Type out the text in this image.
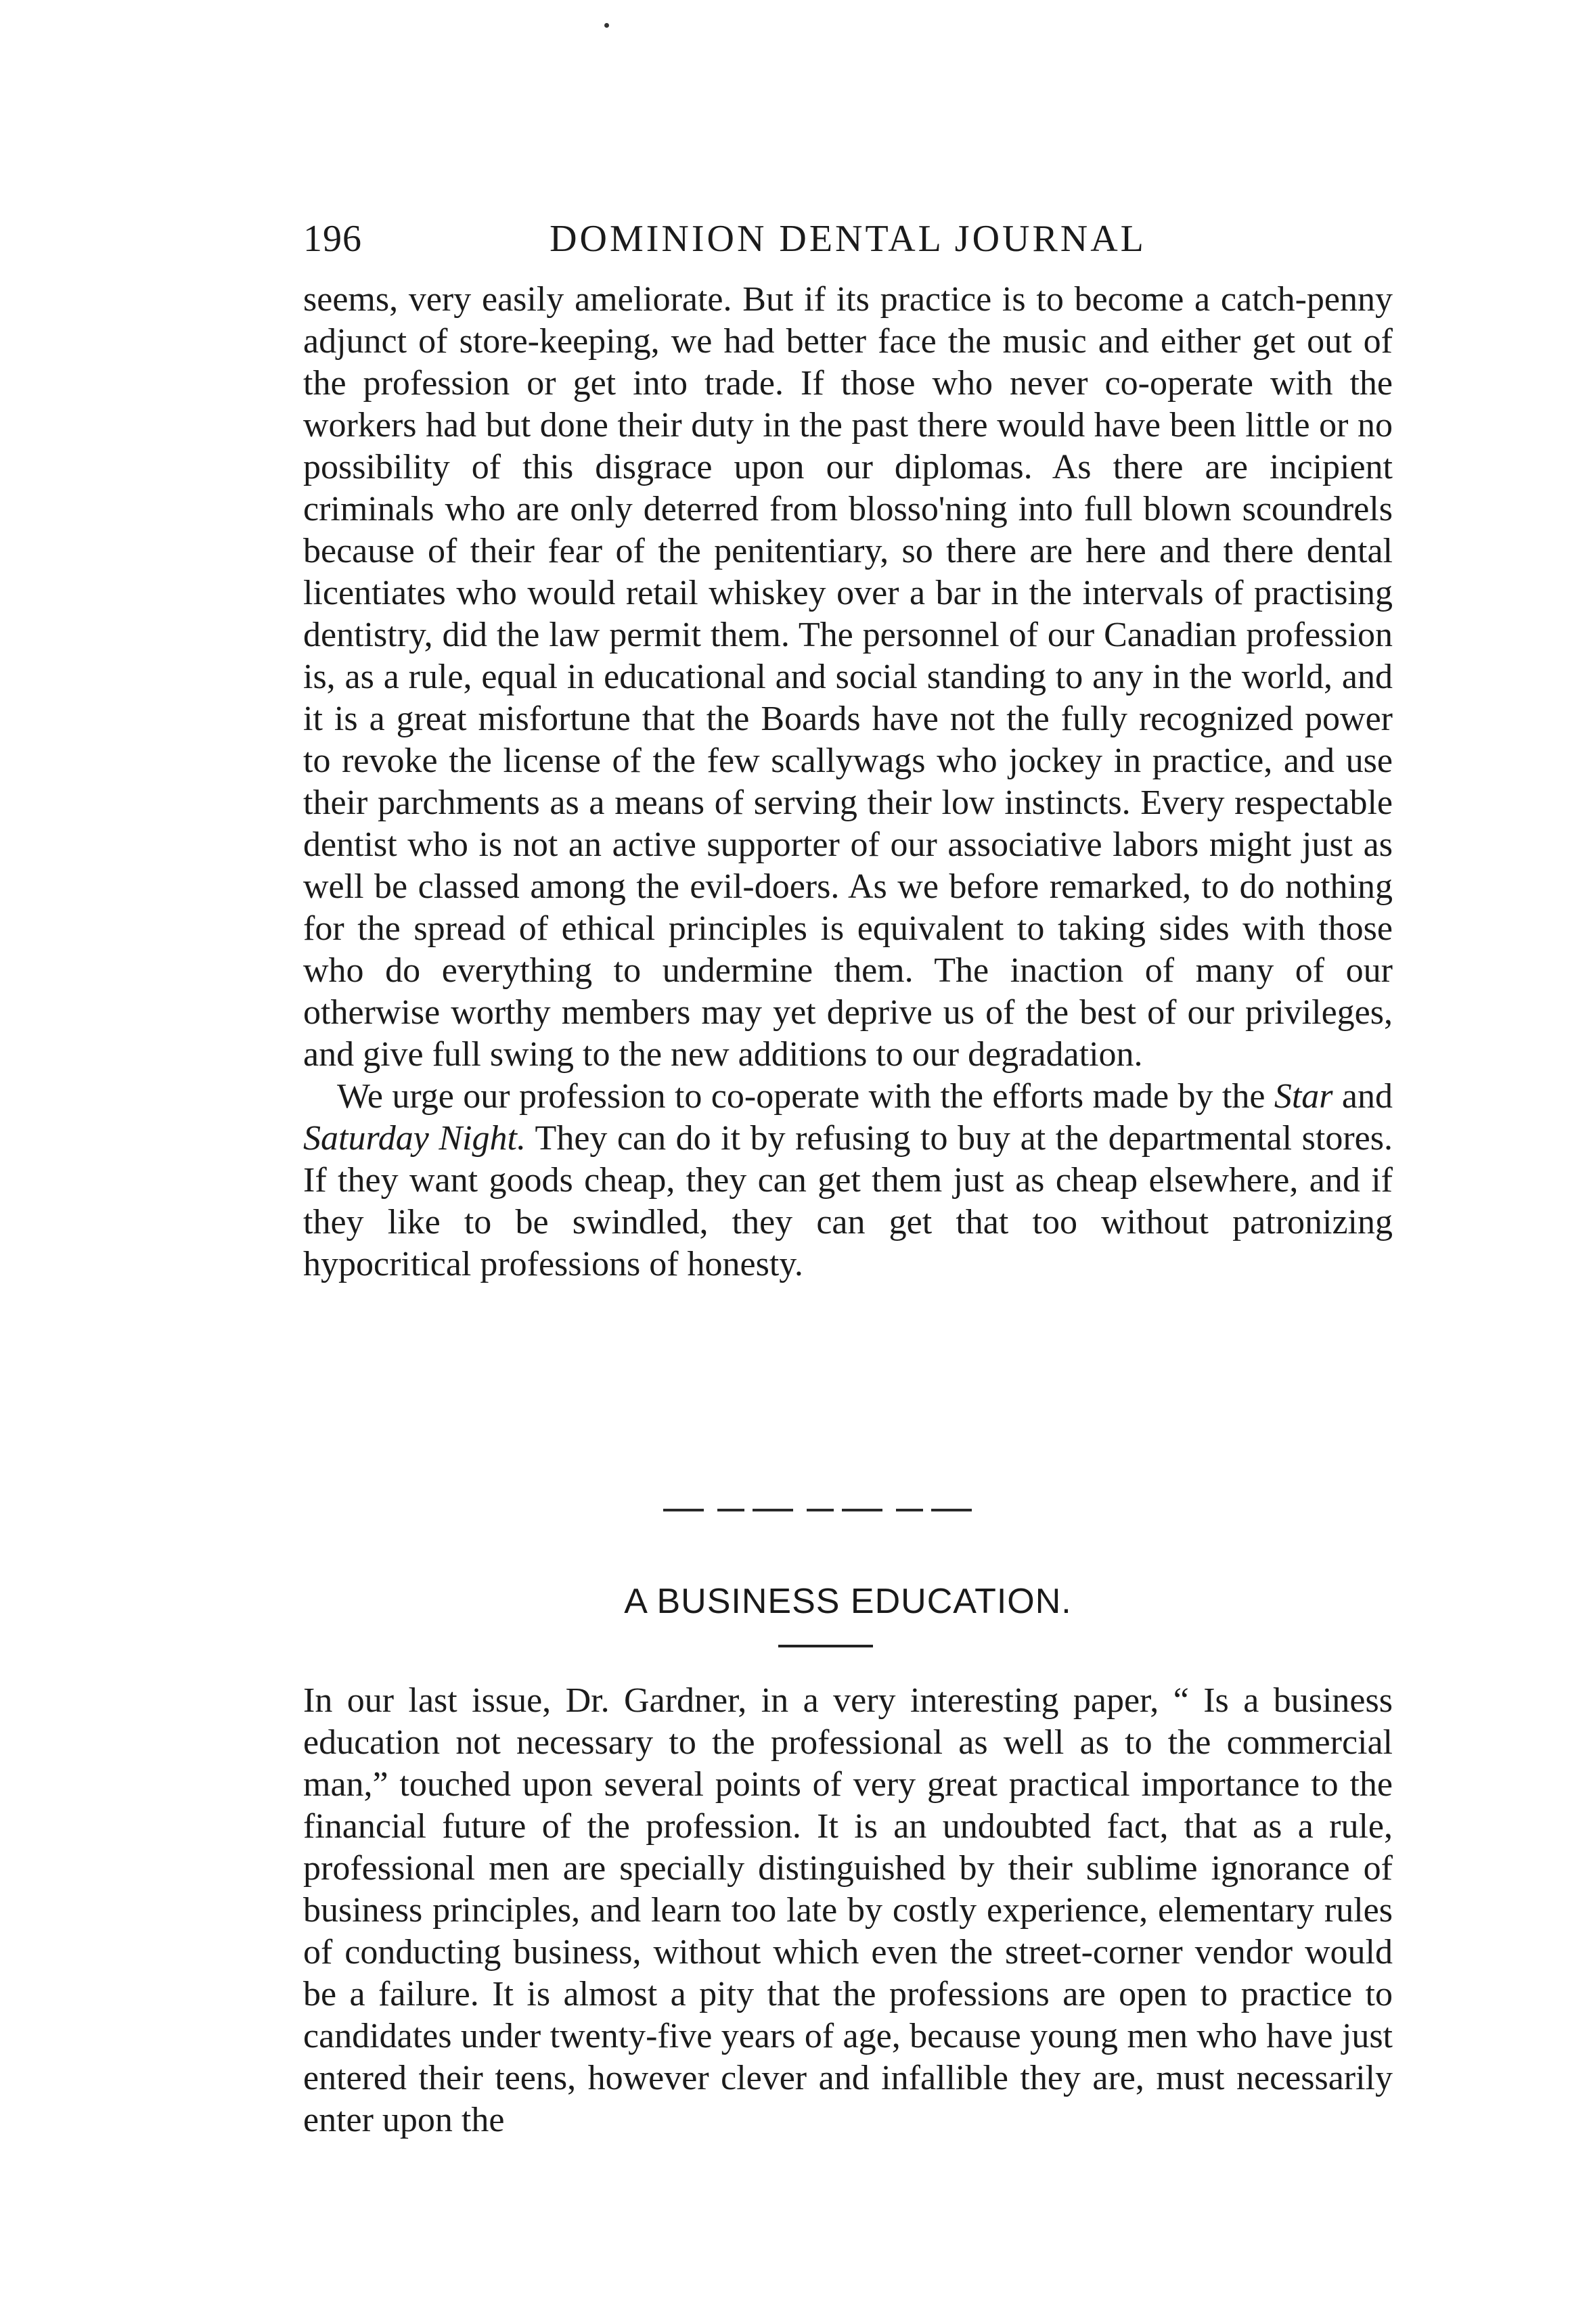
196	DOMINION DENTAL JOURNAL

seems, very easily ameliorate. But if its practice is to become a catch-penny adjunct of store-keeping, we had better face the music and either get out of the profession or get into trade. If those who never co-operate with the workers had but done their duty in the past there would have been little or no possibility of this disgrace upon our diplomas. As there are incipient criminals who are only deterred from blosso'ning into full blown scoundrels because of their fear of the penitentiary, so there are here and there dental licentiates who would retail whiskey over a bar in the intervals of practising dentistry, did the law permit them. The personnel of our Canadian profession is, as a rule, equal in educational and social standing to any in the world, and it is a great misfortune that the Boards have not the fully recognized power to revoke the license of the few scallywags who jockey in practice, and use their parchments as a means of serving their low instincts. Every respectable dentist who is not an active supporter of our associative labors might just as well be classed among the evil-doers. As we before remarked, to do nothing for the spread of ethical principles is equivalent to taking sides with those who do everything to undermine them. The inaction of many of our otherwise worthy members may yet deprive us of the best of our privileges, and give full swing to the new additions to our degradation.

We urge our profession to co-operate with the efforts made by the Star and Saturday Night. They can do it by refusing to buy at the departmental stores. If they want goods cheap, they can get them just as cheap elsewhere, and if they like to be swindled, they can get that too without patronizing hypocritical professions of honesty.

A BUSINESS EDUCATION.

In our last issue, Dr. Gardner, in a very interesting paper, “ Is a business education not necessary to the professional as well as to the commercial man,” touched upon several points of very great practical importance to the financial future of the profession. It is an undoubted fact, that as a rule, professional men are specially distinguished by their sublime ignorance of business principles, and learn too late by costly experience, elementary rules of conducting business, without which even the street-corner vendor would be a failure. It is almost a pity that the professions are open to practice to candidates under twenty-five years of age, because young men who have just entered their teens, however clever and infallible they are, must necessarily enter upon the
